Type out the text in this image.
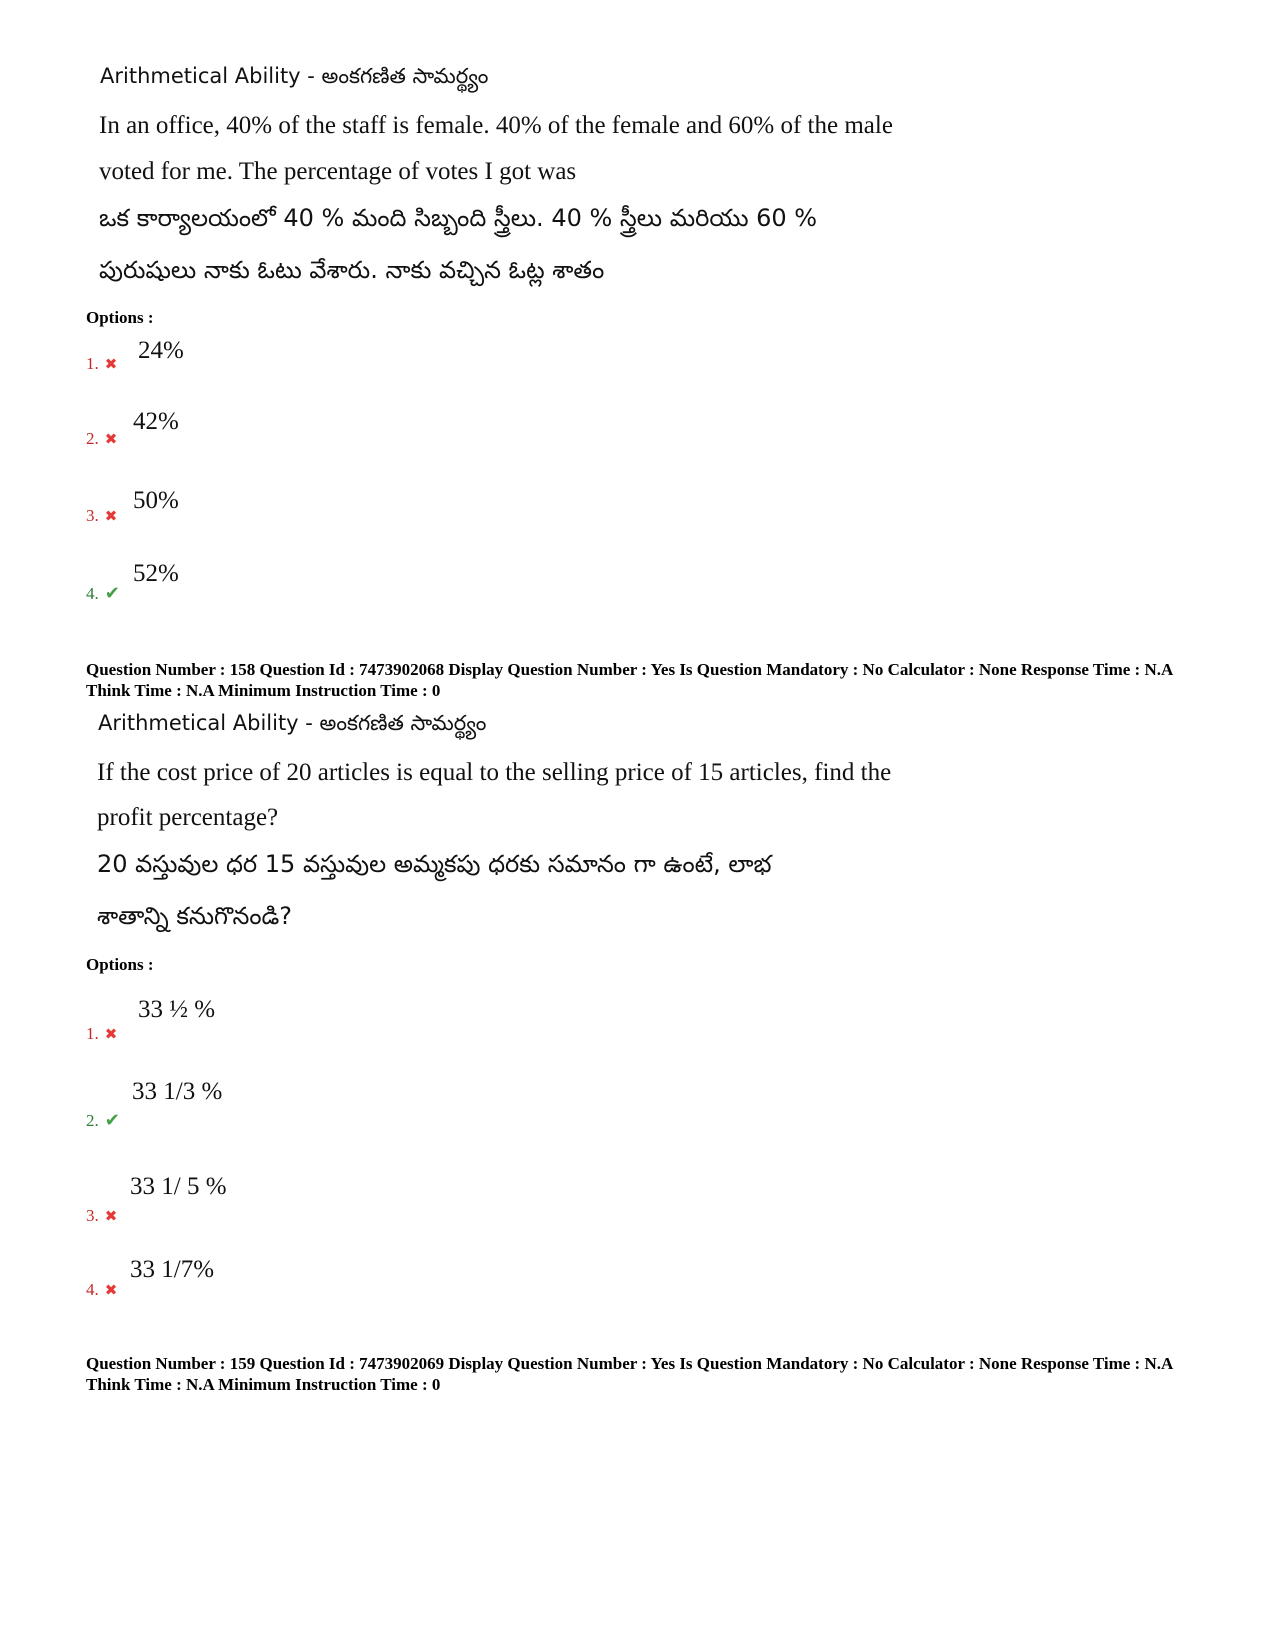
Arithmetical Ability - అంకగణిత సామర్థ్యం
In an office, 40% of the staff is female. 40% of the female and 60% of the male
voted for me. The percentage of votes I got was
ఒక కార్యాలయంలో 40 % మంది సిబ్బంది స్త్రీలు. 40 % స్త్రీలు మరియు 60 %
పురుషులు నాకు ఓటు వేశారు. నాకు వచ్చిన ఓట్ల శాతం
Options :
24%
1. ✖
42%
2. ✖
50%
3. ✖
52%
4. ✔
Question Number : 158 Question Id : 7473902068 Display Question Number : Yes Is Question Mandatory : No Calculator : None Response Time : N.A Think Time : N.A Minimum Instruction Time : 0
Arithmetical Ability - అంకగణిత సామర్థ్యం
If the cost price of 20 articles is equal to the selling price of 15 articles, find the
profit percentage?
20 వస్తువుల ధర 15 వస్తువుల అమ్మకపు ధరకు సమానం గా ఉంటే, లాభ
శాతాన్ని కనుగొనండి?
Options :
33 ½ %
1. ✖
33 1/3 %
2. ✔
33 1/ 5 %
3. ✖
33 1/7%
4. ✖
Question Number : 159 Question Id : 7473902069 Display Question Number : Yes Is Question Mandatory : No Calculator : None Response Time : N.A Think Time : N.A Minimum Instruction Time : 0
